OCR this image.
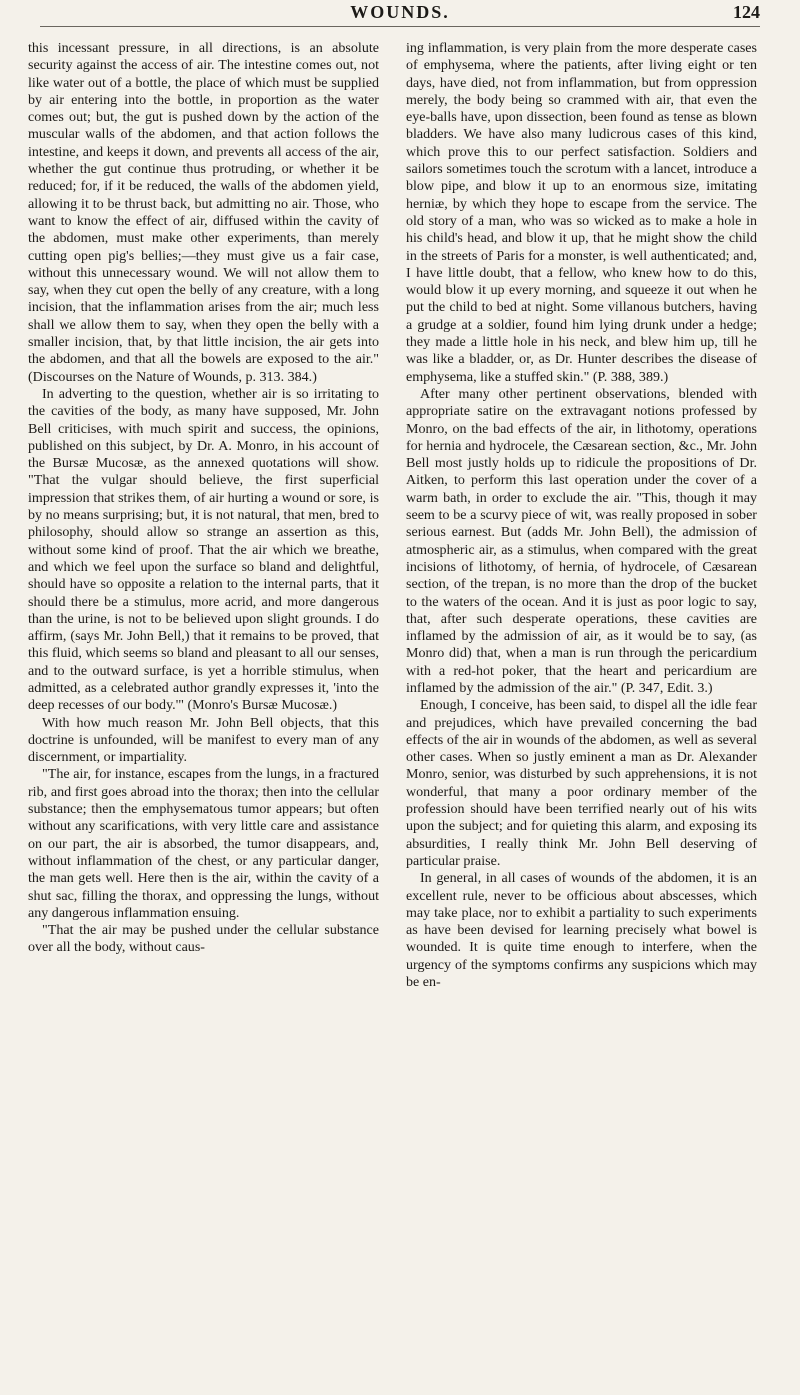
WOUNDS.	124

this incessant pressure, in all directions, is an absolute security against the access of air. The intestine comes out, not like water out of a bottle, the place of which must be supplied by air entering into the bottle, in proportion as the water comes out; but, the gut is pushed down by the action of the muscular walls of the abdomen, and that action follows the intestine, and keeps it down, and prevents all access of the air, whether the gut continue thus protruding, or whether it be reduced; for, if it be reduced, the walls of the abdomen yield, allowing it to be thrust back, but admitting no air. Those, who want to know the effect of air, diffused within the cavity of the abdomen, must make other experiments, than merely cutting open pig's bellies;—they must give us a fair case, without this unnecessary wound. We will not allow them to say, when they cut open the belly of any creature, with a long incision, that the inflammation arises from the air; much less shall we allow them to say, when they open the belly with a smaller incision, that, by that little incision, the air gets into the abdomen, and that all the bowels are exposed to the air." (Discourses on the Nature of Wounds, p. 313. 384.)

In adverting to the question, whether air is so irritating to the cavities of the body, as many have supposed, Mr. John Bell criticises, with much spirit and success, the opinions, published on this subject, by Dr. A. Monro, in his account of the Bursæ Mucosæ, as the annexed quotations will show. "That the vulgar should believe, the first superficial impression that strikes them, of air hurting a wound or sore, is by no means surprising; but, it is not natural, that men, bred to philosophy, should allow so strange an assertion as this, without some kind of proof. That the air which we breathe, and which we feel upon the surface so bland and delightful, should have so opposite a relation to the internal parts, that it should there be a stimulus, more acrid, and more dangerous than the urine, is not to be believed upon slight grounds. I do affirm, (says Mr. John Bell,) that it remains to be proved, that this fluid, which seems so bland and pleasant to all our senses, and to the outward surface, is yet a horrible stimulus, when admitted, as a celebrated author grandly expresses it, 'into the deep recesses of our body.'" (Monro's Bursæ Mucosæ.)

With how much reason Mr. John Bell objects, that this doctrine is unfounded, will be manifest to every man of any discernment, or impartiality.

"The air, for instance, escapes from the lungs, in a fractured rib, and first goes abroad into the thorax; then into the cellular substance; then the emphysematous tumor appears; but often without any scarifications, with very little care and assistance on our part, the air is absorbed, the tumor disappears, and, without inflammation of the chest, or any particular danger, the man gets well. Here then is the air, within the cavity of a shut sac, filling the thorax, and oppressing the lungs, without any dangerous inflammation ensuing.

"That the air may be pushed under the cellular substance over all the body, without caus-

ing inflammation, is very plain from the more desperate cases of emphysema, where the patients, after living eight or ten days, have died, not from inflammation, but from oppression merely, the body being so crammed with air, that even the eye-balls have, upon dissection, been found as tense as blown bladders. We have also many ludicrous cases of this kind, which prove this to our perfect satisfaction. Soldiers and sailors sometimes touch the scrotum with a lancet, introduce a blow pipe, and blow it up to an enormous size, imitating herniæ, by which they hope to escape from the service. The old story of a man, who was so wicked as to make a hole in his child's head, and blow it up, that he might show the child in the streets of Paris for a monster, is well authenticated; and, I have little doubt, that a fellow, who knew how to do this, would blow it up every morning, and squeeze it out when he put the child to bed at night. Some villanous butchers, having a grudge at a soldier, found him lying drunk under a hedge; they made a little hole in his neck, and blew him up, till he was like a bladder, or, as Dr. Hunter describes the disease of emphysema, like a stuffed skin." (P. 388, 389.)

After many other pertinent observations, blended with appropriate satire on the extravagant notions professed by Monro, on the bad effects of the air, in lithotomy, operations for hernia and hydrocele, the Cæsarean section, &c., Mr. John Bell most justly holds up to ridicule the propositions of Dr. Aitken, to perform this last operation under the cover of a warm bath, in order to exclude the air. "This, though it may seem to be a scurvy piece of wit, was really proposed in sober serious earnest. But (adds Mr. John Bell), the admission of atmospheric air, as a stimulus, when compared with the great incisions of lithotomy, of hernia, of hydrocele, of Cæsarean section, of the trepan, is no more than the drop of the bucket to the waters of the ocean. And it is just as poor logic to say, that, after such desperate operations, these cavities are inflamed by the admission of air, as it would be to say, (as Monro did) that, when a man is run through the pericardium with a red-hot poker, that the heart and pericardium are inflamed by the admission of the air." (P. 347, Edit. 3.)

Enough, I conceive, has been said, to dispel all the idle fear and prejudices, which have prevailed concerning the bad effects of the air in wounds of the abdomen, as well as several other cases. When so justly eminent a man as Dr. Alexander Monro, senior, was disturbed by such apprehensions, it is not wonderful, that many a poor ordinary member of the profession should have been terrified nearly out of his wits upon the subject; and for quieting this alarm, and exposing its absurdities, I really think Mr. John Bell deserving of particular praise.

In general, in all cases of wounds of the abdomen, it is an excellent rule, never to be officious about abscesses, which may take place, nor to exhibit a partiality to such experiments as have been devised for learning precisely what bowel is wounded. It is quite time enough to interfere, when the urgency of the symptoms confirms any suspicions which may be en-
